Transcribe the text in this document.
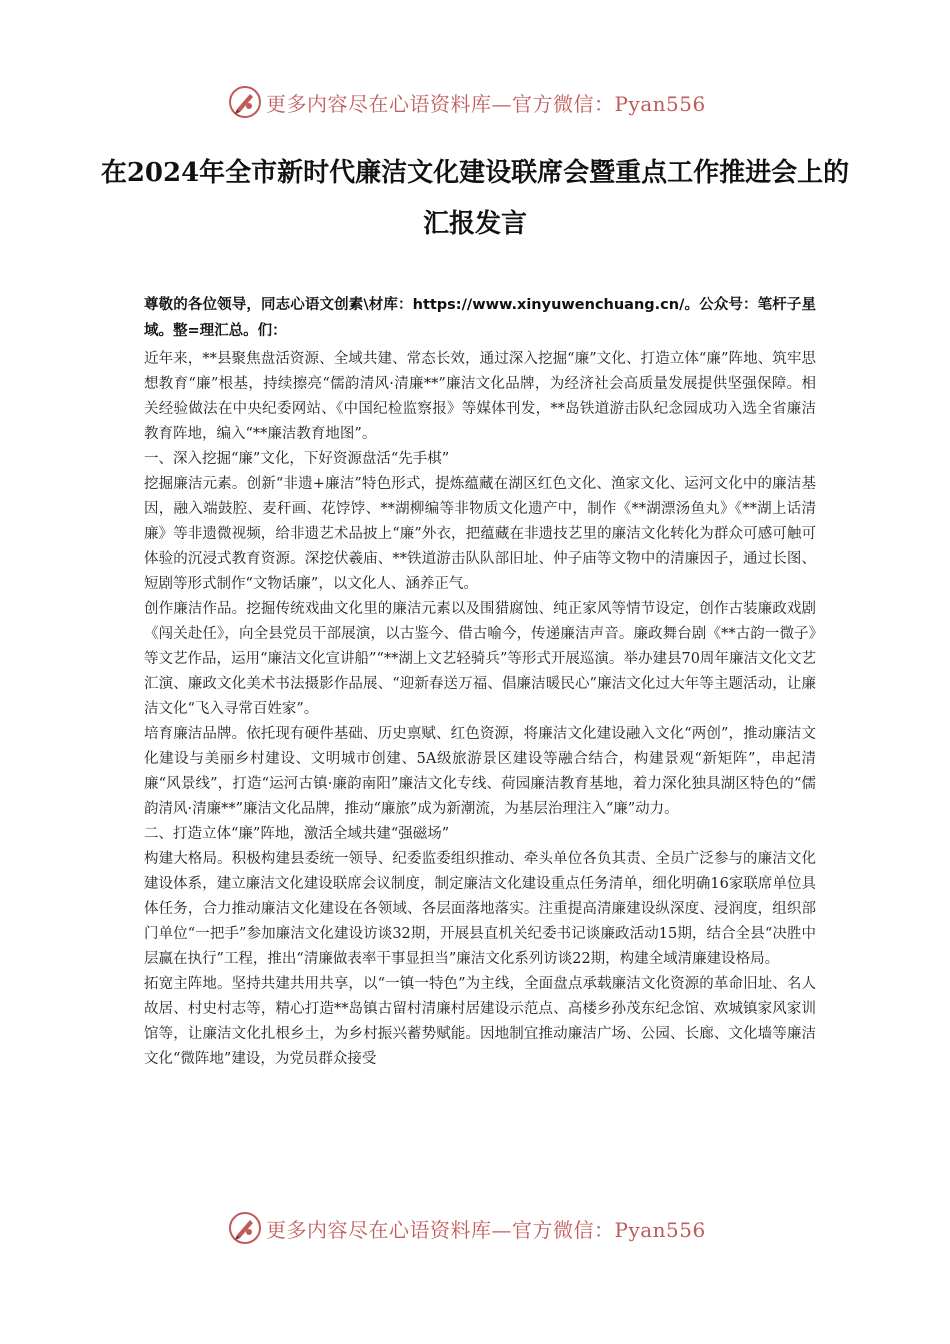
更多内容尽在心语资料库—官方微信：Pyan556
在2024年全市新时代廉洁文化建设联席会暨重点工作推进会上的汇报发言

尊敬的各位领导，同志心语文创素\材库：https://www.xinyuwenchuang.cn/。公众号：笔杆子星域。整=理汇总。们：

近年来，**县聚焦盘活资源、全域共建、常态长效，通过深入挖掘“廉”文化、打造立体“廉”阵地、筑牢思想教育“廉”根基，持续擦亮“儒韵清风·清廉**”廉洁文化品牌，为经济社会高质量发展提供坚强保障。相关经验做法在中央纪委网站、《中国纪检监察报》等媒体刊发，**岛铁道游击队纪念园成功入选全省廉洁教育阵地，编入“**廉洁教育地图”。

一、深入挖掘“廉”文化，下好资源盘活“先手棋”

挖掘廉洁元素。创新“非遗+廉洁”特色形式，提炼蕴藏在湖区红色文化、渔家文化、运河文化中的廉洁基因，融入端鼓腔、麦秆画、花饽饽、**湖柳编等非物质文化遗产中，制作《**湖漂汤鱼丸》《**湖上话清廉》等非遗微视频，给非遗艺术品披上“廉”外衣，把蕴藏在非遗技艺里的廉洁文化转化为群众可感可触可体验的沉浸式教育资源。深挖伏羲庙、**铁道游击队队部旧址、仲子庙等文物中的清廉因子，通过长图、短剧等形式制作“文物话廉”，以文化人、涵养正气。

创作廉洁作品。挖掘传统戏曲文化里的廉洁元素以及围猎腐蚀、纯正家风等情节设定，创作古装廉政戏剧《闯关赴任》，向全县党员干部展演，以古鉴今、借古喻今，传递廉洁声音。廉政舞台剧《**古韵一微子》等文艺作品，运用“廉洁文化宣讲船”“**湖上文艺轻骑兵”等形式开展巡演。举办建县70周年廉洁文化文艺汇演、廉政文化美术书法摄影作品展、“迎新春送万福、倡廉洁暖民心”廉洁文化过大年等主题活动，让廉洁文化“飞入寻常百姓家”。

培育廉洁品牌。依托现有硬件基础、历史禀赋、红色资源，将廉洁文化建设融入文化“两创”，推动廉洁文化建设与美丽乡村建设、文明城市创建、5A级旅游景区建设等融合结合，构建景观“新矩阵”，串起清廉“风景线”，打造“运河古镇·廉韵南阳”廉洁文化专线、荷园廉洁教育基地，着力深化独具湖区特色的“儒韵清风·清廉**”廉洁文化品牌，推动“廉旅”成为新潮流，为基层治理注入“廉”动力。

二、打造立体“廉”阵地，激活全域共建“强磁场”

构建大格局。积极构建县委统一领导、纪委监委组织推动、牵头单位各负其责、全员广泛参与的廉洁文化建设体系，建立廉洁文化建设联席会议制度，制定廉洁文化建设重点任务清单，细化明确16家联席单位具体任务，合力推动廉洁文化建设在各领域、各层面落地落实。注重提高清廉建设纵深度、浸润度，组织部门单位“一把手”参加廉洁文化建设访谈32期，开展县直机关纪委书记谈廉政活动15期，结合全县“决胜中层赢在执行”工程，推出“清廉做表率干事显担当”廉洁文化系列访谈22期，构建全域清廉建设格局。

拓宽主阵地。坚持共建共用共享，以“一镇一特色”为主线，全面盘点承载廉洁文化资源的革命旧址、名人故居、村史村志等，精心打造**岛镇古留村清廉村居建设示范点、高楼乡孙茂东纪念馆、欢城镇家风家训馆等，让廉洁文化扎根乡土，为乡村振兴蓄势赋能。因地制宜推动廉洁广场、公园、长廊、文化墙等廉洁文化“微阵地”建设，为党员群众接受

更多内容尽在心语资料库—官方微信：Pyan556
